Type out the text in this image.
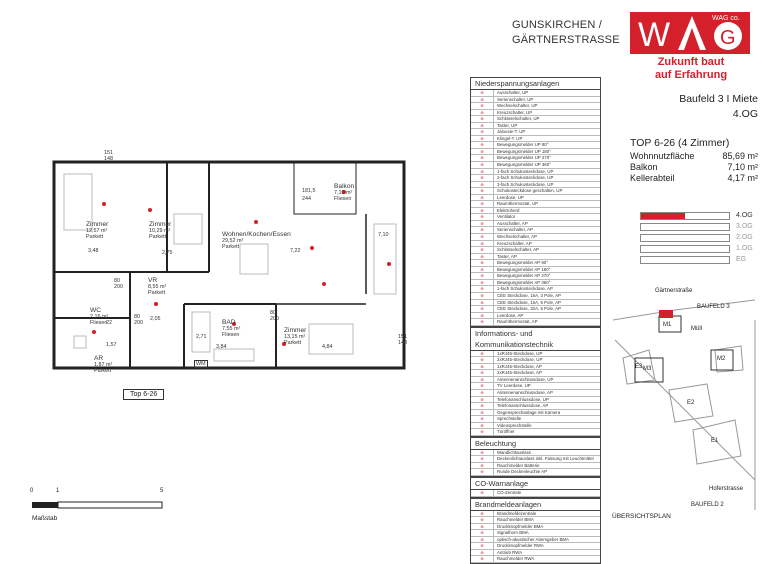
GUNSKIRCHEN /
GÄRTNERSTRASSE W G
WAG co.
Zukunft baut
auf Erfahrung
Baufeld 3 I Miete
4.OG
TOP 6-26 (4 Zimmer)
Wohnnutzfläche	85,69 m²
Balkon	7,10 m²
Kellerabteil	4,17 m²
4.OG
3.OG
2.OG
1.OG
EG
Niederspannungsanlagen
⊕	Ausschalter, UP
⊕	Serienschalter, UP
⊕	Wechselschalter, UP
⊕	Kreuzschalter, UP
⊕	Schlüsselschalter, UP
⊕	Taster, UP
⊕	Jalousie-T. UP
⊕	Klingel-T. UP
⊕	Bewegungsmelder UP 90°
⊕	Bewegungsmelder UP 180°
⊕	Bewegungsmelder UP 270°
⊕	Bewegungsmelder UP 360°
⊕	1-fach Schukosteckdose, UP
⊕	2-fach Schukosteckdose, UP
⊕	3-fach Schukosteckdose, UP
⊕	Schukosteckdose geschalten, UP
⊕	Leerdose, UP
⊕	Raumthermostat, UP
⊕	Elektroherd
⊕	Ventilator
⊕	Ausschalter, AP
⊕	Serienschalter, AP
⊕	Wechselschalter, AP
⊕	Kreuzschalter, AP
⊕	Schlüsselschalter, AP
⊕	Taster, AP
⊕	Bewegungsmelder AP 90°
⊕	Bewegungsmelder AP 180°
⊕	Bewegungsmelder AP 270°
⊕	Bewegungsmelder AP 360°
⊕	1-fach Schukosteckdose, AP
⊕	CEE Steckdose, 16A, 3 Pole, AP
⊕	CEE Steckdose, 16A, 5 Pole, AP
⊕	CEE Steckdose, 32A, 5 Pole, AP
⊕	Leerdose, AP
⊕	Raumthermostat, AP
Informations- und Kommunikationstechnik
⊕	1xRJ45-Steckdose, UP
⊕	2xRJ45-Steckdose, UP
⊕	1xRJ45-Steckdose, AP
⊕	2xRJ45-Steckdose, AP
⊕	Antennenanschlussdose, UP
⊕	TV Leerdose, UP
⊕	Antennenanschlussdose, AP
⊕	Telefonanschlussdose, UP
⊕	Telefonanschlussdose, AP
⊕	Gegensprechanlage mit Kamera
⊕	Sprechstelle
⊕	Videosprechstelle
⊕	Türöffner
Beleuchtung
⊕	Wandlichtauslass
⊕	Deckenlichtauslass inkl. Fassung mit Leuchtmittel
⊕	Rauchmelder Batterie
⊕	Runde Deckenleuchte AP
CO-Warnanlage
⊕	CO-Zentrale
Brandmeldeanlagen
⊕	Brandmeldezentrale
⊕	Rauchmelder BMA
⊕	Druckknopfmelder BMA
⊕	Signalhorn BMA
⊕	optisch-akustischer Alarmgeber BMA
⊕	Druckknopfmelder RWA
⊕	Antrieb RWA
⊕	Rauchmelder RWA
Zimmer
12,57 m²
Parkett
Zimmer
10,29 m²
Parkett	Wohnen/Kochen/Essen
29,52 m²
Parkett
Balkon
7,10 m²
Fliesen
VR
8,55 m²
Parkett
WC
2,16 m²
Fliesen
AR
1,87 m²
Parkett
BAD
7,55 m²
Fliesen
Zimmer
13,15 m²
Parkett
181,5
244
151
148
80
200
2,05
80
200
3,84	4,84
7,22
2,75
3,48
2,71
7,10
80
200
22
1,57
151
148
WM
Top 6-26
0	1	5
Maßstab
Gärtnerstraße
Hoferstrasse
BAUFELD 3
BAUFELD 2
M1
M2
M3
Müll
E1
E2
E3
ÜBERSICHTSPLAN
